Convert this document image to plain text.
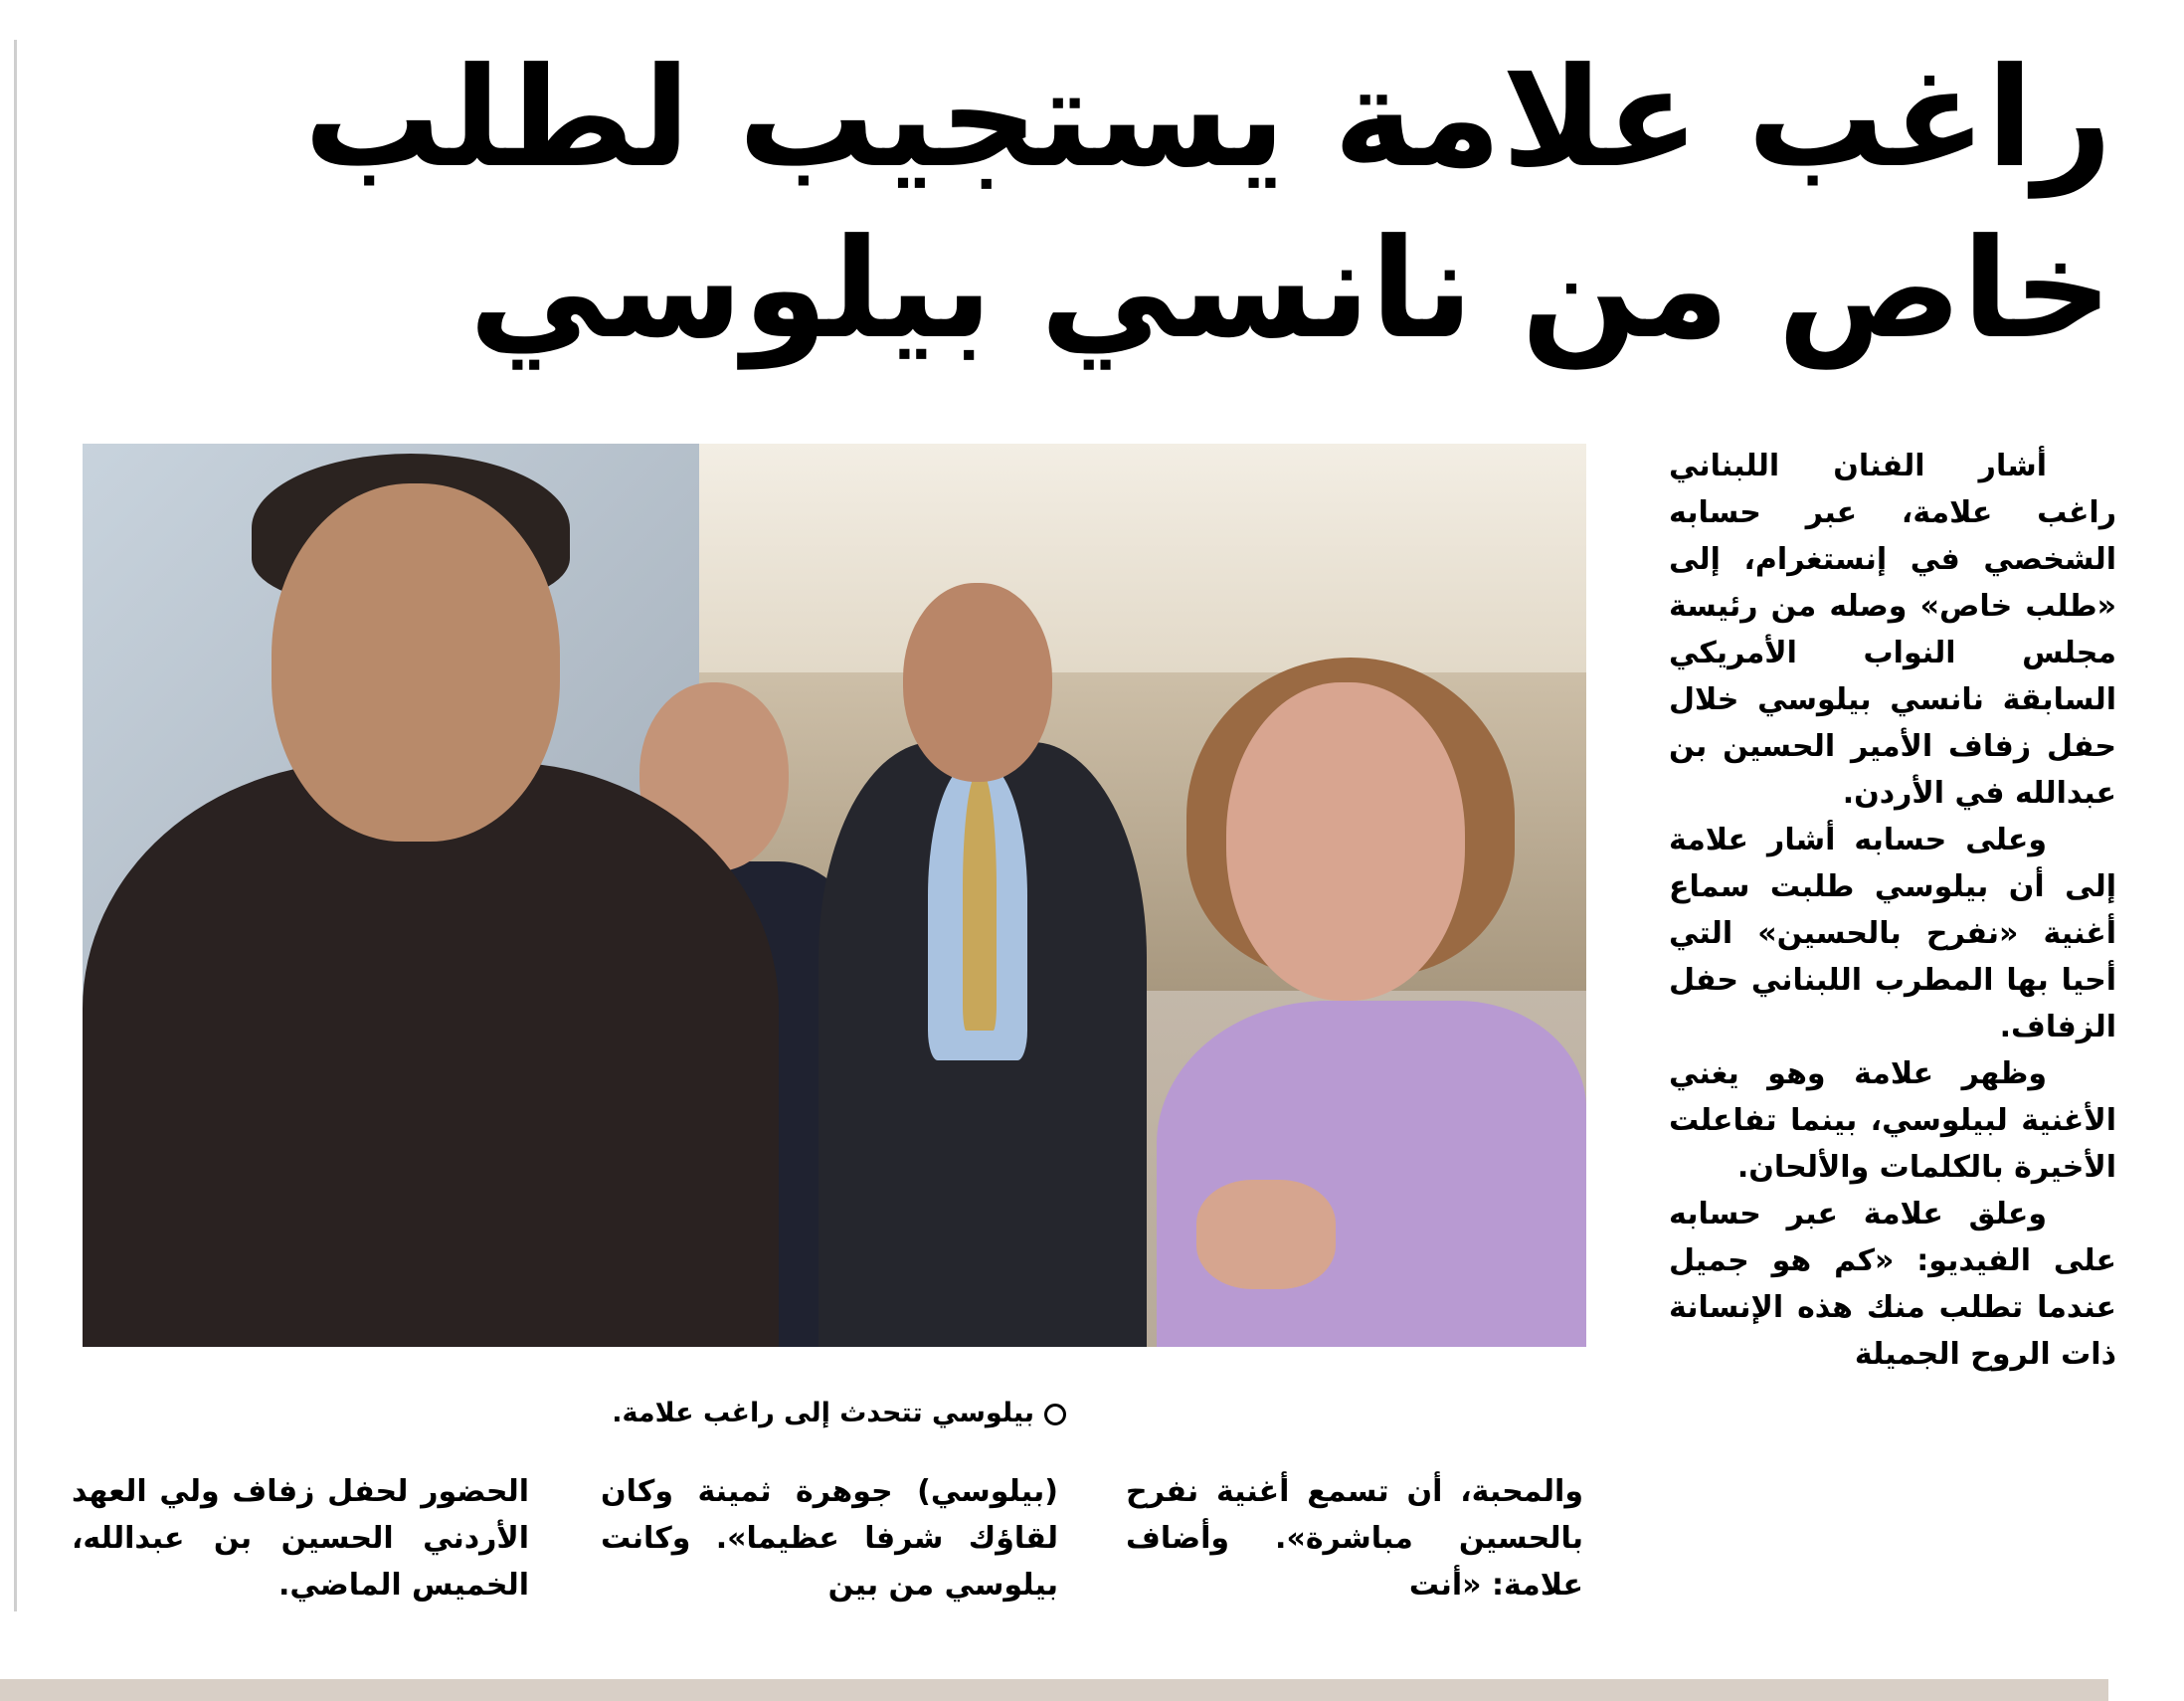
راغب علامة يستجيب لطلب
خاص من نانسي بيلوسي
بيلوسي تتحدث إلى راغب علامة.

أشار الفنان اللبناني راغب علامة، عبر حسابه الشخصي في إنستغرام، إلى «طلب خاص» وصله من رئيسة مجلس النواب الأمريكي السابقة نانسي بيلوسي خلال حفل زفاف الأمير الحسين بن عبدالله في الأردن.

وعلى حسابه أشار علامة إلى أن بيلوسي طلبت سماع أغنية «نفرح بالحسين» التي أحيا بها المطرب اللبناني حفل الزفاف.

وظهر علامة وهو يغني الأغنية لبيلوسي، بينما تفاعلت الأخيرة بالكلمات والألحان.

وعلق علامة عبر حسابه على الفيديو: «كم هو جميل عندما تطلب منك هذه الإنسانة ذات الروح الجميلة

والمحبة، أن تسمع أغنية نفرح بالحسين مباشرة». وأضاف علامة: «أنت

(بيلوسي) جوهرة ثمينة وكان لقاؤك شرفا عظيما». وكانت بيلوسي من بين

الحضور لحفل زفاف ولي العهد الأردني الحسين بن عبدالله، الخميس الماضي.
